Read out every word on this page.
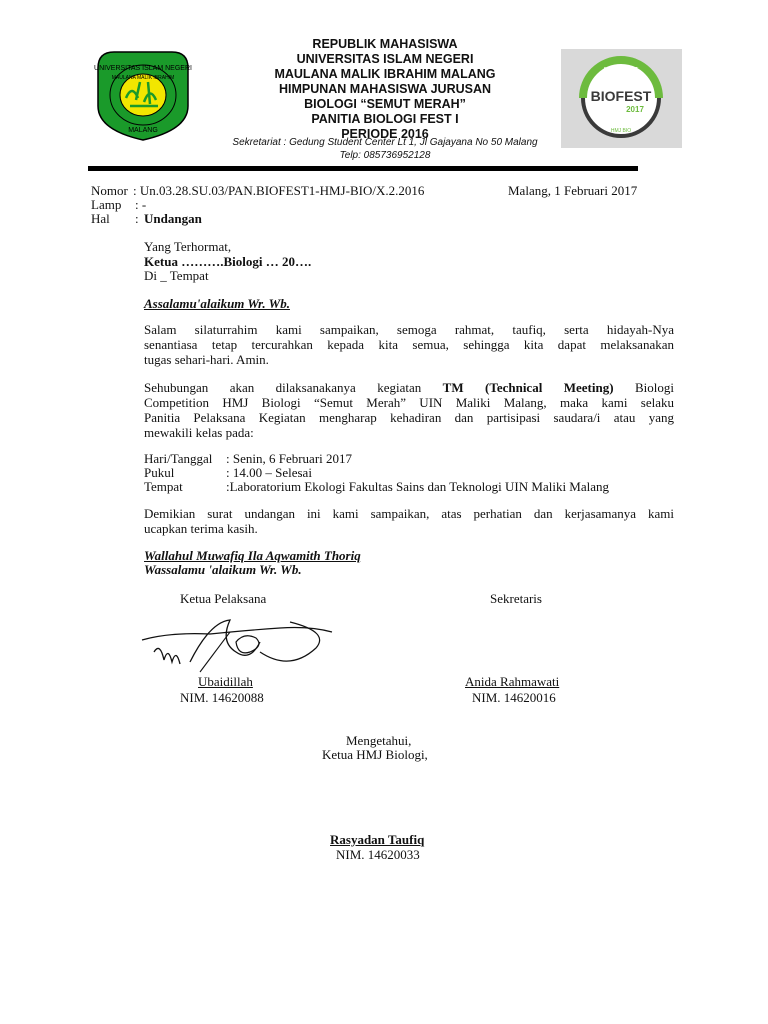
UNIVERSITAS ISLAM NEGERI
MAULANA MALIK IBRAHIM
MALANG
REPUBLIK MAHASISWA
UNIVERSITAS ISLAM NEGERI
MAULANA MALIK IBRAHIM MALANG
HIMPUNAN MAHASISWA JURUSAN
BIOLOGI “SEMUT MERAH”
PANITIA BIOLOGI FEST I
PERIODE 2016
Sekretariat : Gedung Student Center Lt 1, Jl Gajayana No 50 Malang
Telp: 085736952128
BIOLOGI FEST
BIOFEST
2017
HMJ BIO
Nomor : Un.03.28.SU.03/PAN.BIOFEST1-HMJ-BIO/X.2.2016	Malang, 1 Februari 2017
Lamp : -
Hal : Undangan
Yang Terhormat,
Ketua ……….Biologi … 20….
Di _ Tempat
Assalamu'alaikum Wr. Wb.
Salam silaturrahim kami sampaikan, semoga rahmat, taufiq, serta hidayah-Nya
senantiasa tetap tercurahkan kepada kita semua, sehingga kita dapat melaksanakan
tugas sehari-hari. Amin.
Sehubungan akan dilaksanakanya kegiatan TM (Technical Meeting) Biologi
Competition HMJ Biologi “Semut Merah” UIN Maliki Malang, maka kami selaku
Panitia Pelaksana Kegiatan mengharap kehadiran dan partisipasi saudara/i atau yang
mewakili kelas pada:
Hari/Tanggal : Senin, 6 Februari 2017
Pukul	: 14.00 – Selesai
Tempat	:Laboratorium Ekologi Fakultas Sains dan Teknologi UIN Maliki Malang
Demikian surat undangan ini kami sampaikan, atas perhatian dan kerjasamanya kami
ucapkan terima kasih.
Wallahul Muwafiq Ila Aqwamith Thoriq
Wassalamu 'alaikum Wr. Wb.
Ketua Pelaksana	Sekretaris
Ubaidillah
NIM. 14620088
Anida Rahmawati
NIM. 14620016
Mengetahui,
Ketua HMJ Biologi,
Rasyadan Taufiq
NIM. 14620033
